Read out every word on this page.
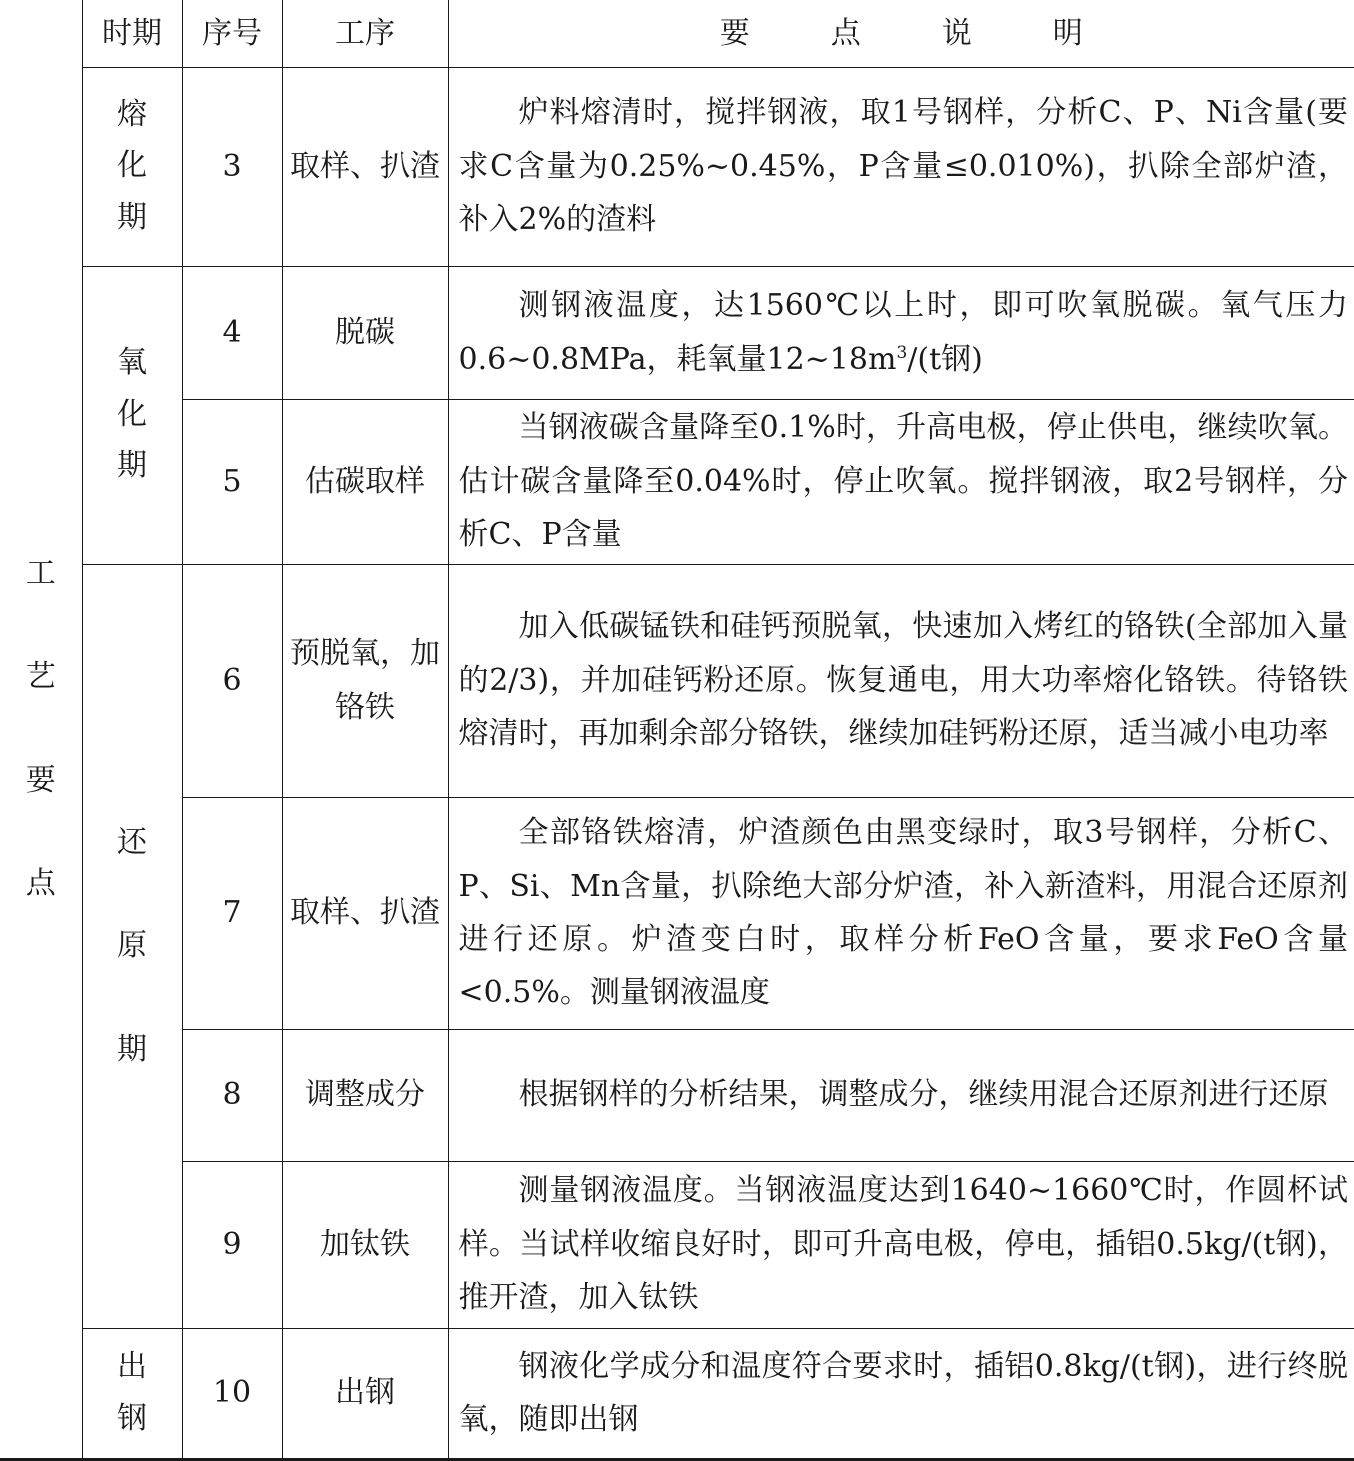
工艺要点	时期	序号	工序	要点说明
	熔化期	3	取样、扒渣	炉料熔清时，搅拌钢液，取1号钢样，分析C、P、Ni含量(要求C含量为0.25%~0.45%，P含量≤0.010%)，扒除全部炉渣，补入2%的渣料
	氧化期	4	脱碳	测钢液温度，达1560℃以上时，即可吹氧脱碳。氧气压力0.6~0.8MPa，耗氧量$12\sim 18m^3/(t$钢)
		5	估碳取样	当钢液碳含量降至0.1%时，升高电极，停止供电，继续吹氧。估计碳含量降至0.04%时，停止吹氧。搅拌钢液，取2号钢样，分析C、P含量
	还原期	6	预脱氧，加铬铁	加入低碳锰铁和硅钙预脱氧，快速加入烤红的铬铁(全部加入量的2/3)，并加硅钙粉还原。恢复通电，用大功率熔化铬铁。待铬铁熔清时，再加剩余部分铬铁，继续加硅钙粉还原，适当减小电功率
		7	取样、扒渣	全部铬铁熔清，炉渣颜色由黑变绿时，取3号钢样，分析C、P、Si、Mn含量，扒除绝大部分炉渣，补入新渣料，用混合还原剂进行还原。炉渣变白时，取样分析FeO含量，要求FeO含量<0.5%。测量钢液温度
		8	调整成分	根据钢样的分析结果，调整成分，继续用混合还原剂进行还原
		9	加钛铁	测量钢液温度。当钢液温度达到1640~1660℃时，作圆杯试样。当试样收缩良好时，即可升高电极，停电，插铝0.5kg/(t钢)，推开渣，加入钛铁
	出钢	10	出钢	钢液化学成分和温度符合要求时，插铝0.8kg/(t钢)，进行终脱氧，随即出钢
